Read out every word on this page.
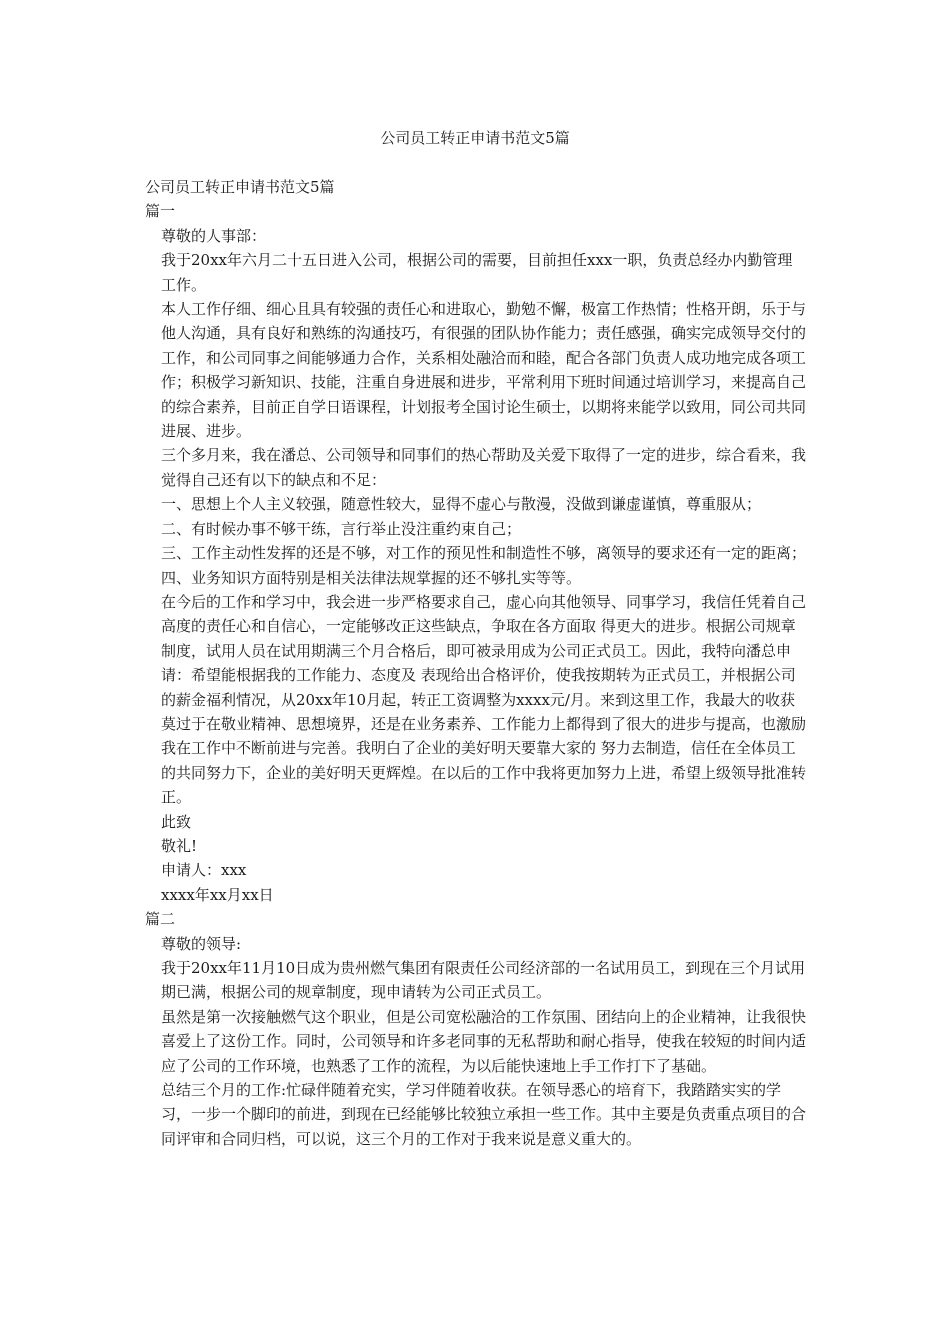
公司员工转正申请书范文5篇

公司员工转正申请书范文5篇

篇一

尊敬的人事部：

我于20xx年六月二十五日进入公司，根据公司的需要，目前担任xxx一职，负责总经办内勤管理工作。

本人工作仔细、细心且具有较强的责任心和进取心，勤勉不懈，极富工作热情；性格开朗，乐于与他人沟通，具有良好和熟练的沟通技巧，有很强的团队协作能力；责任感强，确实完成领导交付的工作，和公司同事之间能够通力合作，关系相处融洽而和睦，配合各部门负责人成功地完成各项工作；积极学习新知识、技能，注重自身进展和进步，平常利用下班时间通过培训学习，来提高自己的综合素养，目前正自学日语课程，计划报考全国讨论生硕士，以期将来能学以致用，同公司共同进展、进步。

三个多月来，我在潘总、公司领导和同事们的热心帮助及关爱下取得了一定的进步，综合看来，我觉得自己还有以下的缺点和不足：

一、思想上个人主义较强，随意性较大，显得不虚心与散漫，没做到谦虚谨慎，尊重服从；

二、有时候办事不够干练，言行举止没注重约束自己；

三、工作主动性发挥的还是不够，对工作的预见性和制造性不够，离领导的要求还有一定的距离；

四、业务知识方面特别是相关法律法规掌握的还不够扎实等等。

在今后的工作和学习中，我会进一步严格要求自己，虚心向其他领导、同事学习，我信任凭着自己高度的责任心和自信心，一定能够改正这些缺点，争取在各方面取 得更大的进步。根据公司规章制度，试用人员在试用期满三个月合格后，即可被录用成为公司正式员工。因此，我特向潘总申请：希望能根据我的工作能力、态度及 表现给出合格评价，使我按期转为正式员工，并根据公司的薪金福利情况，从20xx年10月起，转正工资调整为xxxx元/月。来到这里工作，我最大的收获 莫过于在敬业精神、思想境界，还是在业务素养、工作能力上都得到了很大的进步与提高，也激励我在工作中不断前进与完善。我明白了企业的美好明天要靠大家的 努力去制造，信任在全体员工的共同努力下，企业的美好明天更辉煌。在以后的工作中我将更加努力上进，希望上级领导批准转正。

此致

敬礼!

申请人：xxx

xxxx年xx月xx日

篇二

尊敬的领导:

我于20xx年11月10日成为贵州燃气集团有限责任公司经济部的一名试用员工，到现在三个月试用期已满，根据公司的规章制度，现申请转为公司正式员工。

虽然是第一次接触燃气这个职业，但是公司宽松融洽的工作氛围、团结向上的企业精神，让我很快喜爱上了这份工作。同时，公司领导和许多老同事的无私帮助和耐心指导，使我在较短的时间内适应了公司的工作环境，也熟悉了工作的流程，为以后能快速地上手工作打下了基础。

总结三个月的工作:忙碌伴随着充实，学习伴随着收获。在领导悉心的培育下，我踏踏实实的学习，一步一个脚印的前进，到现在已经能够比较独立承担一些工作。其中主要是负责重点项目的合同评审和合同归档，可以说，这三个月的工作对于我来说是意义重大的。
